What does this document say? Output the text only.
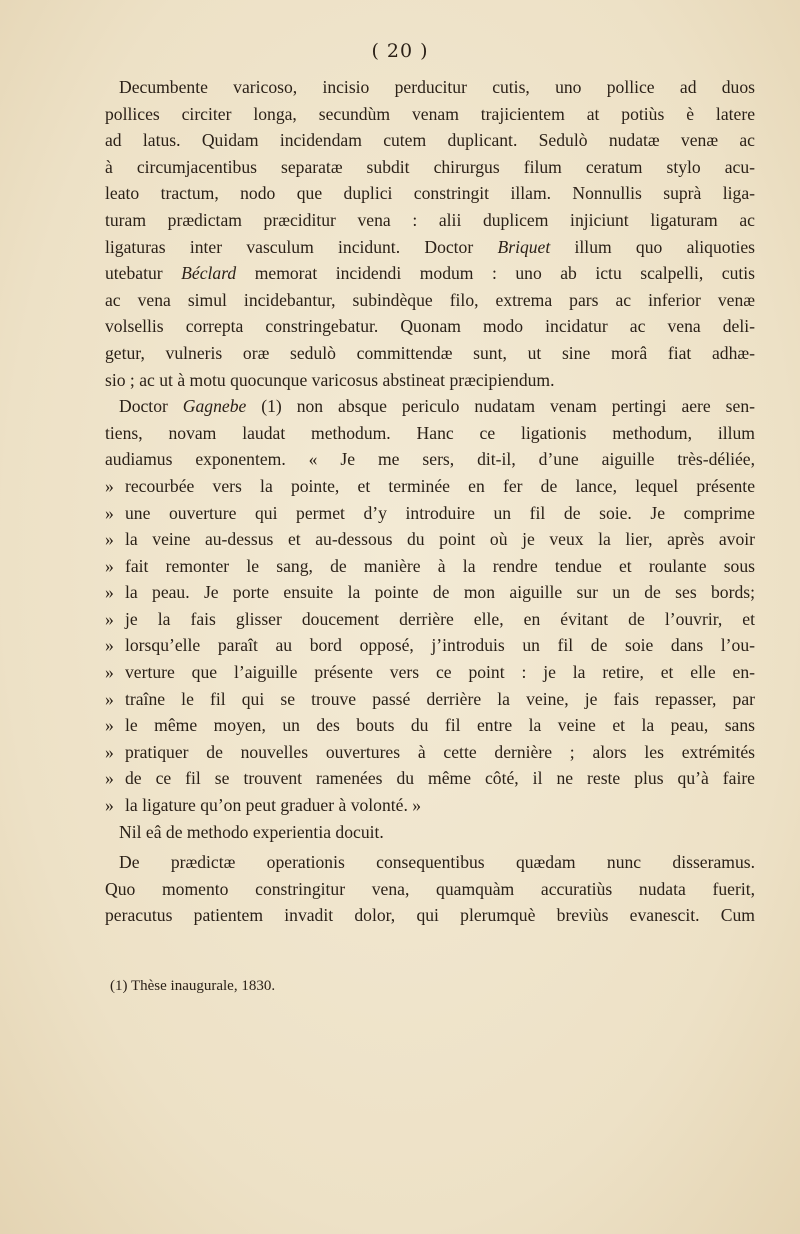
( 20 )
Decumbente varicoso, incisio perducitur cutis, uno pollice ad duos
pollices circiter longa, secundùm venam trajicientem at potiùs è latere
ad latus. Quidam incidendam cutem duplicant. Sedulò nudatæ venæ ac
à circumjacentibus separatæ subdit chirurgus filum ceratum stylo acu-
leato tractum, nodo que duplici constringit illam. Nonnullis suprà liga-
turam prædictam præciditur vena : alii duplicem injiciunt ligaturam ac
ligaturas inter vasculum incidunt. Doctor Briquet illum quo aliquoties
utebatur Béclard memorat incidendi modum : uno ab ictu scalpelli, cutis
ac vena simul incidebantur, subindèque filo, extrema pars ac inferior venæ
volsellis correpta constringebatur. Quonam modo incidatur ac vena deli-
getur, vulneris oræ sedulò committendæ sunt, ut sine morâ fiat adhæ-
sio ; ac ut à motu quocunque varicosus abstineat præcipiendum.
Doctor Gagnebe (1) non absque periculo nudatam venam pertingi aere sen-
tiens, novam laudat methodum. Hanc ce ligationis methodum, illum
audiamus exponentem. « Je me sers, dit-il, d’une aiguille très-déliée,
» recourbée vers la pointe, et terminée en fer de lance, lequel présente
» une ouverture qui permet d’y introduire un fil de soie. Je comprime
» la veine au-dessus et au-dessous du point où je veux la lier, après avoir
» fait remonter le sang, de manière à la rendre tendue et roulante sous
» la peau. Je porte ensuite la pointe de mon aiguille sur un de ses bords;
» je la fais glisser doucement derrière elle, en évitant de l’ouvrir, et
» lorsqu’elle paraît au bord opposé, j’introduis un fil de soie dans l’ou-
» verture que l’aiguille présente vers ce point : je la retire, et elle en-
» traîne le fil qui se trouve passé derrière la veine, je fais repasser, par
» le même moyen, un des bouts du fil entre la veine et la peau, sans
» pratiquer de nouvelles ouvertures à cette dernière ; alors les extrémités
» de ce fil se trouvent ramenées du même côté, il ne reste plus qu’à faire
» la ligature qu’on peut graduer à volonté. »
Nil eâ de methodo experientia docuit.
De prædictæ operationis consequentibus quædam nunc disseramus.
Quo momento constringitur vena, quamquàm accuratiùs nudata fuerit,
peracutus patientem invadit dolor, qui plerumquè breviùs evanescit. Cum
(1) Thèse inaugurale, 1830.
